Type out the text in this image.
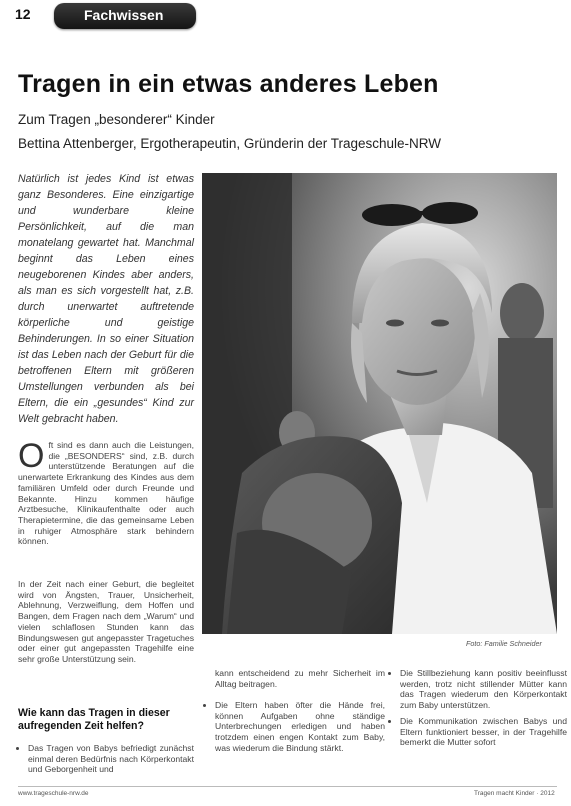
12	Fachwissen
Tragen in ein etwas anderes Leben
Zum Tragen „besonderer“ Kinder
Bettina Attenberger, Ergotherapeutin, Gründerin der Trageschule-NRW

Natürlich ist jedes Kind ist etwas ganz Besonderes. Eine einzigartige und wunderbare kleine Persönlichkeit, auf die man monatelang gewartet hat. Manchmal beginnt das Leben eines neugeborenen Kindes aber anders, als man es sich vorgestellt hat, z.B. durch unerwartet auftretende körperliche und geistige Behinderungen. In so einer Situation ist das Leben nach der Geburt für die betroffenen Eltern mit größeren Umstellungen verbunden als bei Eltern, die ein „gesundes“ Kind zur Welt gebracht haben.

Foto: Familie Schneider
Oft sind es dann auch die Leistungen, die „BESONDERS“ sind, z.B. durch unterstützende Beratungen auf die unerwartete Erkrankung des Kindes aus dem familiären Umfeld oder durch Freunde und Bekannte. Hinzu kommen häufige Arztbesuche, Klinikaufenthalte oder auch Therapietermine, die das gemeinsame Leben in ruhiger Atmosphäre stark behindern können.

In der Zeit nach einer Geburt, die begleitet wird von Ängsten, Trauer, Unsicherheit, Ablehnung, Verzweiflung, dem Hoffen und Bangen, dem Fragen nach dem „Warum“ und vielen schlaflosen Stunden kann das Bindungswesen gut angepasster Tragetuches oder einer gut angepassten Tragehilfe eine sehr große Unterstützung sein.

Wie kann das Tragen in dieser aufregenden Zeit helfen?
• Das Tragen von Babys befriedigt zunächst einmal deren Bedürfnis nach Körperkontakt und Geborgenheit und

kann entscheidend zu mehr Sicherheit im Alltag beitragen.

• Die Eltern haben öfter die Hände frei, können Aufgaben ohne ständige Unterbrechungen erledigen und haben trotzdem einen engen Kontakt zum Baby, was wiederum die Bindung stärkt.
• Die Stillbeziehung kann positiv beeinflusst werden, trotz nicht stillender Mütter kann das Tragen wiederum den Körperkontakt zum Baby unterstützen.
• Die Kommunikation zwischen Babys und Eltern funktioniert besser, in der Tragehilfe bemerkt die Mutter sofort
www.trageschule-nrw.de	Tragen macht Kinder · 2012
